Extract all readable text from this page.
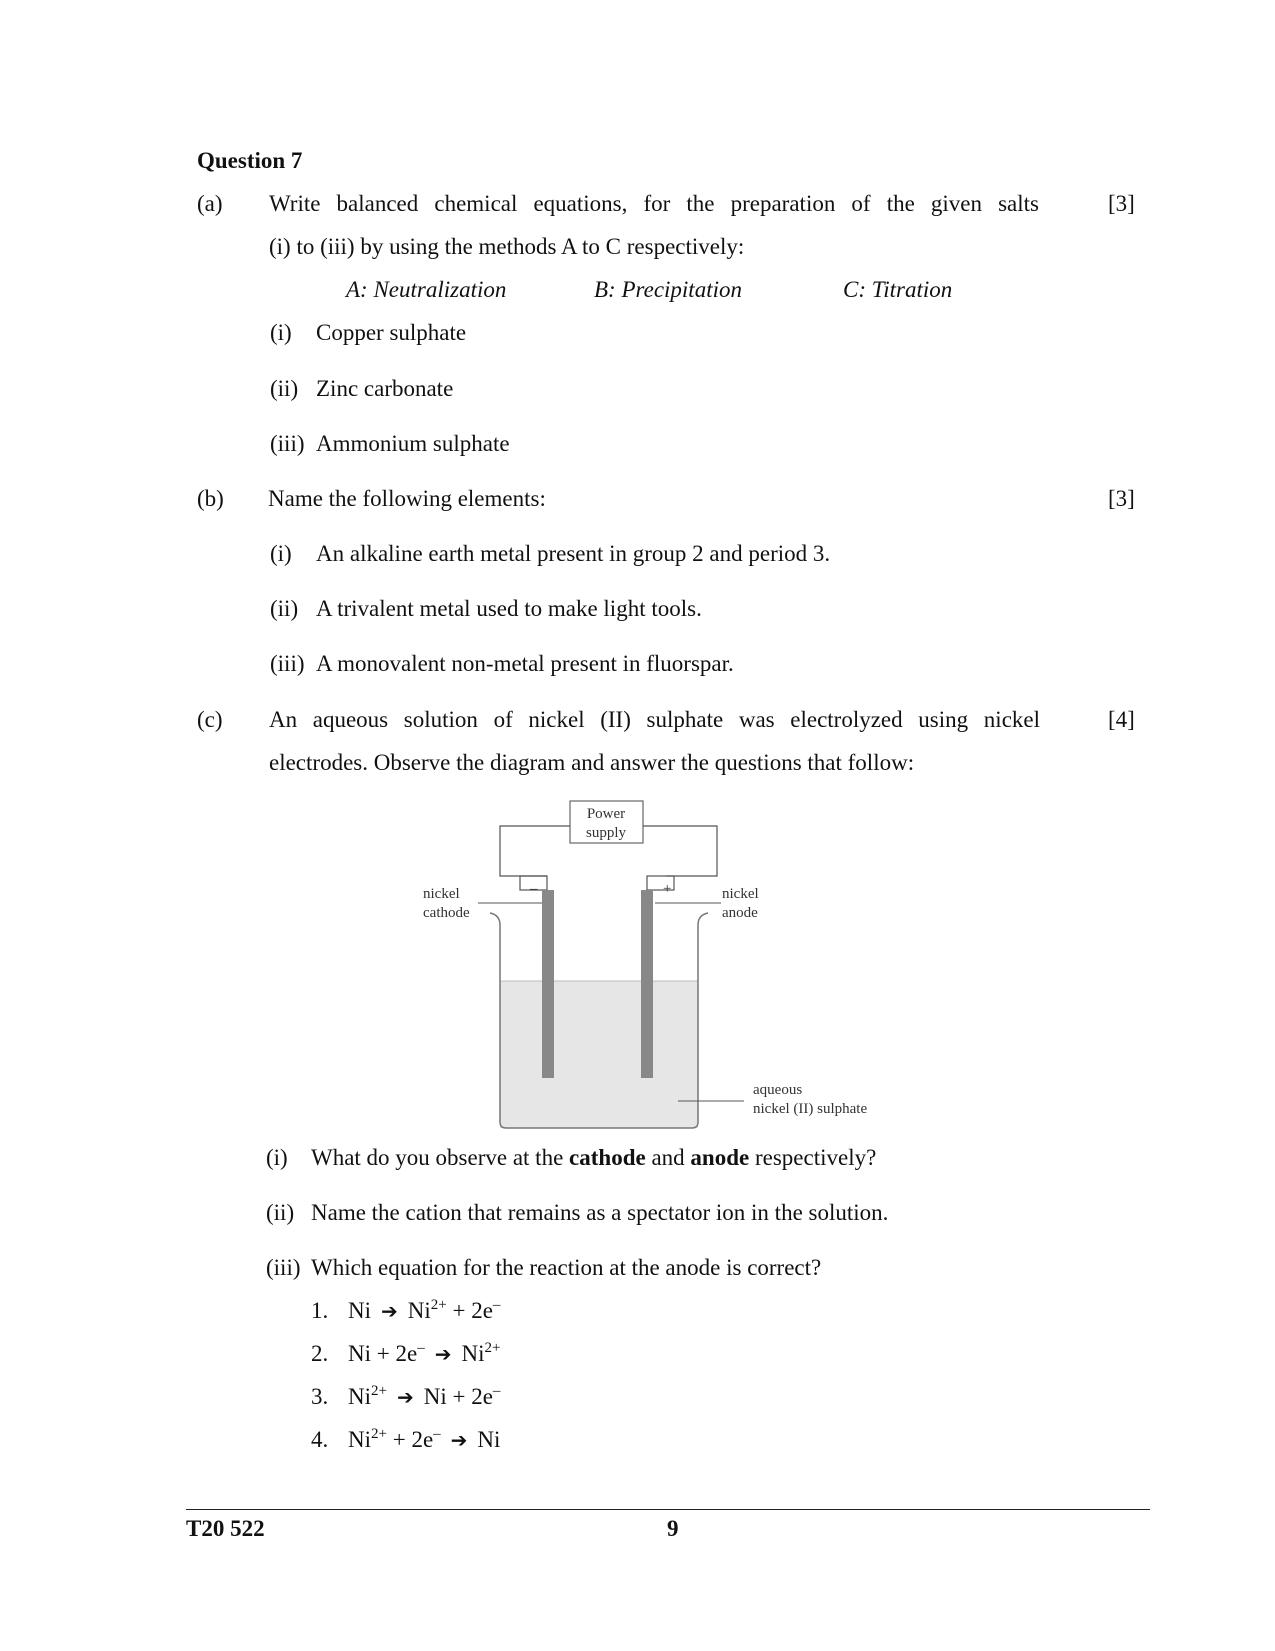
Question 7
(a) Write balanced chemical equations, for the preparation of the given salts	[3]
(i) to (iii) by using the methods A to C respectively:
A: Neutralization	B: Precipitation	C: Titration
(i) Copper sulphate
(ii) Zinc carbonate
(iii) Ammonium sulphate
(b) Name the following elements:	[3]
(i) An alkaline earth metal present in group 2 and period 3.
(ii) A trivalent metal used to make light tools.
(iii) A monovalent non-metal present in fluorspar.
(c) An aqueous solution of nickel (II) sulphate was electrolyzed using nickel	[4]
electrodes. Observe the diagram and answer the questions that follow:
Power
supply
–	+
nickel
cathode
nickel
anode
aqueous
nickel (II) sulphate
(i) What do you observe at the cathode and anode respectively?
(ii) Name the cation that remains as a spectator ion in the solution.
(iii) Which equation for the reaction at the anode is correct?
1. Ni ➔ $Ni^{2+} + 2e^-$
2. Ni + 2e– ➔ $Ni^{2+}$
3. $Ni^{2+}$ ➔ Ni + 2e–
4. $Ni^{2+} + 2e^-$ ➔ Ni
T20 522	9
